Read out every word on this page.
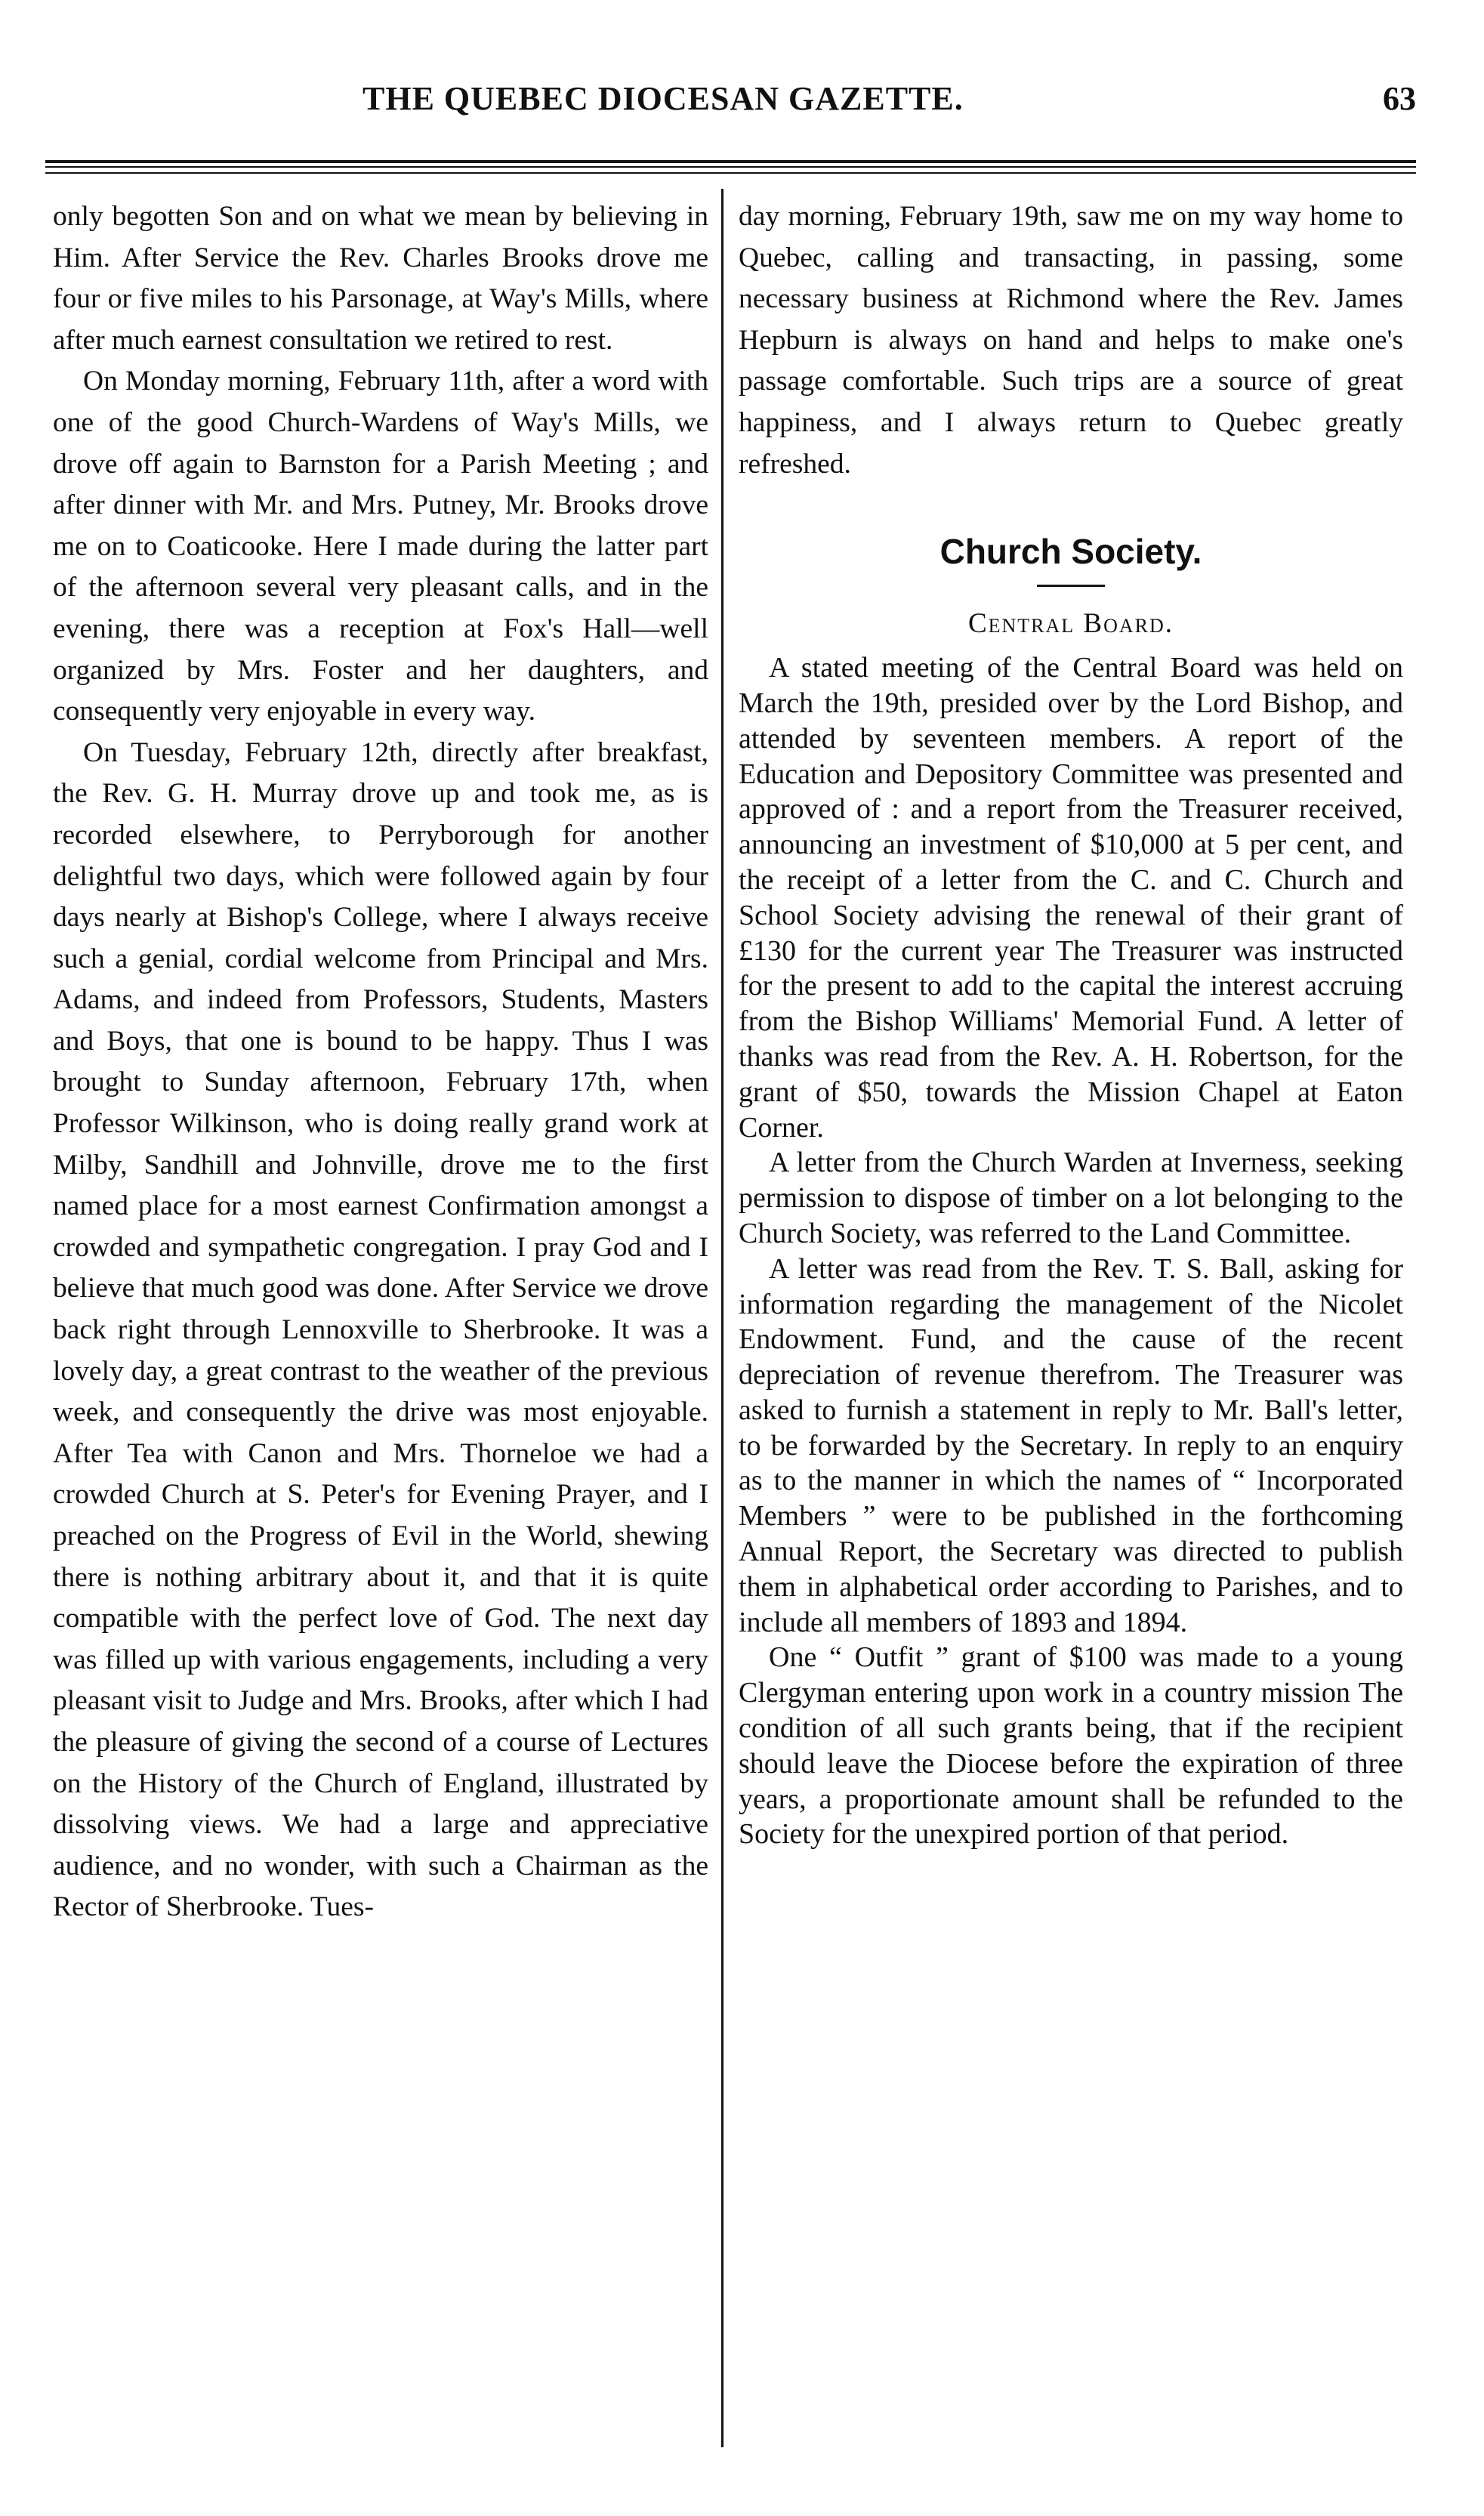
THE QUEBEC DIOCESAN GAZETTE.	63

only begotten Son and on what we mean by believing in Him. After Service the Rev. Charles Brooks drove me four or five miles to his Parsonage, at Way's Mills, where after much earnest consultation we retired to rest.

On Monday morning, February 11th, after a word with one of the good Church-Wardens of Way's Mills, we drove off again to Barnston for a Parish Meeting ; and after dinner with Mr. and Mrs. Putney, Mr. Brooks drove me on to Coaticooke. Here I made during the latter part of the afternoon several very pleasant calls, and in the evening, there was a reception at Fox's Hall—well organized by Mrs. Foster and her daughters, and consequently very enjoyable in every way.

On Tuesday, February 12th, directly after breakfast, the Rev. G. H. Murray drove up and took me, as is recorded elsewhere, to Perryborough for another delightful two days, which were followed again by four days nearly at Bishop's College, where I always receive such a genial, cordial welcome from Principal and Mrs. Adams, and indeed from Professors, Students, Masters and Boys, that one is bound to be happy. Thus I was brought to Sunday afternoon, February 17th, when Professor Wilkinson, who is doing really grand work at Milby, Sandhill and Johnville, drove me to the first named place for a most earnest Confirmation amongst a crowded and sympathetic congregation. I pray God and I believe that much good was done. After Service we drove back right through Lennoxville to Sherbrooke. It was a lovely day, a great contrast to the weather of the previous week, and consequently the drive was most enjoyable. After Tea with Canon and Mrs. Thorneloe we had a crowded Church at S. Peter's for Evening Prayer, and I preached on the Progress of Evil in the World, shewing there is nothing arbitrary about it, and that it is quite compatible with the perfect love of God. The next day was filled up with various engagements, including a very pleasant visit to Judge and Mrs. Brooks, after which I had the pleasure of giving the second of a course of Lectures on the History of the Church of England, illustrated by dissolving views. We had a large and appreciative audience, and no wonder, with such a Chairman as the Rector of Sherbrooke. Tues-

day morning, February 19th, saw me on my way home to Quebec, calling and transacting, in passing, some necessary business at Richmond where the Rev. James Hepburn is always on hand and helps to make one's passage comfortable. Such trips are a source of great happiness, and I always return to Quebec greatly refreshed.

Church Society.
Central Board.

A stated meeting of the Central Board was held on March the 19th, presided over by the Lord Bishop, and attended by seventeen members. A report of the Education and Depository Committee was presented and approved of : and a report from the Treasurer received, announcing an investment of $10,000 at 5 per cent, and the receipt of a letter from the C. and C. Church and School Society advising the renewal of their grant of £130 for the current year The Treasurer was instructed for the present to add to the capital the interest accruing from the Bishop Williams' Memorial Fund. A letter of thanks was read from the Rev. A. H. Robertson, for the grant of $50, towards the Mission Chapel at Eaton Corner.

A letter from the Church Warden at Inverness, seeking permission to dispose of timber on a lot belonging to the Church Society, was referred to the Land Committee.

A letter was read from the Rev. T. S. Ball, asking for information regarding the management of the Nicolet Endowment. Fund, and the cause of the recent depreciation of revenue therefrom. The Treasurer was asked to furnish a statement in reply to Mr. Ball's letter, to be forwarded by the Secretary. In reply to an enquiry as to the manner in which the names of “ Incorporated Members ” were to be published in the forthcoming Annual Report, the Secretary was directed to publish them in alphabetical order according to Parishes, and to include all members of 1893 and 1894.

One “ Outfit ” grant of $100 was made to a young Clergyman entering upon work in a country mission The condition of all such grants being, that if the recipient should leave the Diocese before the expiration of three years, a proportionate amount shall be refunded to the Society for the unexpired portion of that period.
